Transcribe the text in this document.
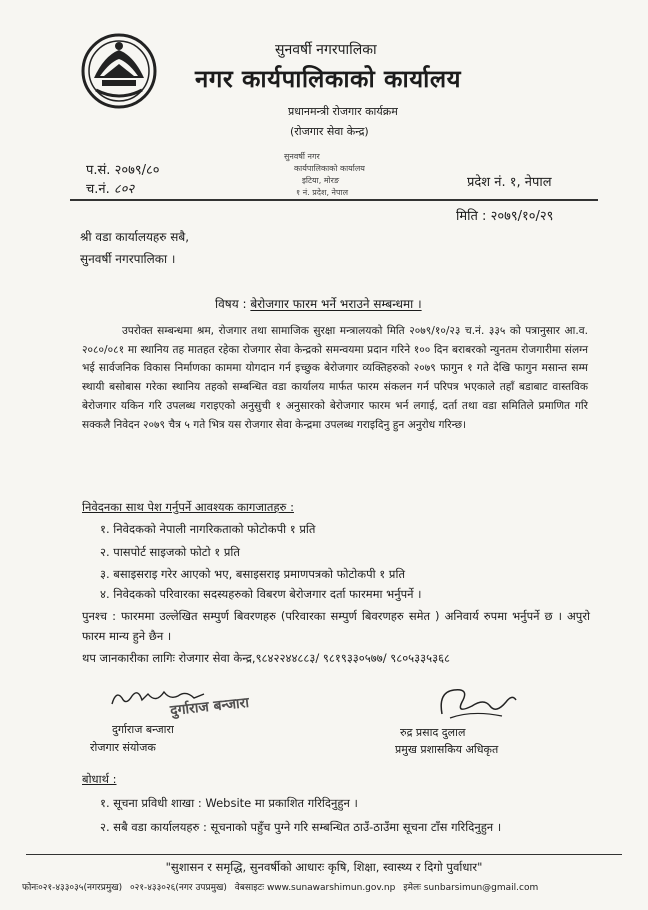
सुनवर्षी नगरपालिका
नगर कार्यपालिकाको कार्यालय
प्रधानमन्त्री रोजगार कार्यक्रम
(रोजगार सेवा केन्द्र)
सुनवर्षी नगर
कार्यपालिकाको कार्यालय
इटिया, मोरङ
१ नं. प्रदेश, नेपाल
प.सं. २०७९/८०
च.नं. ८०२	प्रदेश नं. १, नेपाल
मिति : २०७९/१०/२९
श्री वडा कार्यालयहरु सबै,
सुनवर्षी नगरपालिका ।
विषय : बेरोजगार फारम भर्ने भराउने सम्बन्धमा ।

उपरोक्त सम्बन्धमा श्रम, रोजगार तथा सामाजिक सुरक्षा मन्त्रालयको मिति २०७९/१०/२३ च.नं. ३३५ को पत्रानुसार आ.व. २०८०/०८१ मा स्थानिय तह मातहत रहेका रोजगार सेवा केन्द्रको समन्वयमा प्रदान गरिने १०० दिन बराबरको न्युनतम रोजगारीमा संलग्न भई सार्वजनिक विकास निर्माणका काममा योगदान गर्न इच्छुक बेरोजगार व्यक्तिहरुको २०७९ फागुन १ गते देखि फागुन मसान्त सम्म स्थायी बसोबास गरेका स्थानिय तहको सम्बन्धित वडा कार्यालय मार्फत फारम संकलन गर्न परिपत्र भएकाले तहाँ बडाबाट वास्तविक बेरोजगार यकिन गरि उपलब्ध गराइएको अनुसुची १ अनुसारको बेरोजगार फारम भर्न लगाई, दर्ता तथा वडा समितिले प्रमाणित गरि सक्कलै निवेदन २०७९ चैत्र ५ गते भित्र यस रोजगार सेवा केन्द्रमा उपलब्ध गराइदिनु हुन अनुरोध गरिन्छ।

निवेदनका साथ पेश गर्नुपर्ने आवश्यक कागजातहरु :
१. निवेदकको नेपाली नागरिकताको फोटोकपी १ प्रति
२. पासपोर्ट साइजको फोटो १ प्रति
३. बसाइसराइ गरेर आएको भए, बसाइसराइ प्रमाणपत्रको फोटोकपी १ प्रति
४. निवेदकको परिवारका सदस्यहरुको विबरण बेरोजगार दर्ता फारममा भर्नुपर्ने ।

पुनश्च : फारममा उल्लेखित सम्पुर्ण बिवरणहरु (परिवारका सम्पुर्ण बिवरणहरु समेत ) अनिवार्य रुपमा भर्नुपर्ने छ । अपुरो फारम मान्य हुने छैन ।

थप जानकारीका लागिः रोजगार सेवा केन्द्र,९८४२२४४८८३/ ९८१९३३०५७७/ ९८०५३३५३६८
दुर्गाराज बन्जारा
दुर्गाराज बन्जारा
रोजगार संयोजक
रुद्र प्रसाद दुलाल
प्रमुख प्रशासकिय अधिकृत
बोधार्थ :
१. सूचना प्रविधी शाखा : Website मा प्रकाशित गरिदिनुहुन ।
२. सबै वडा कार्यालयहरु : सूचनाको पहुँच पुग्ने गरि सम्बन्धित ठाउँ-ठाउँमा सूचना टाँस गरिदिनुहुन ।
"सुशासन र समृद्धि, सुनवर्षीको आधारः कृषि, शिक्षा, स्वास्थ्य र दिगो पुर्वाधार"
फोनः०२१-४३३०३५(नगरप्रमुख) ०२१-४३३०२६(नगर उपप्रमुख) वेबसाइटः www.sunawarshimun.gov.np इमेलः sunbarsimun@gmail.com
